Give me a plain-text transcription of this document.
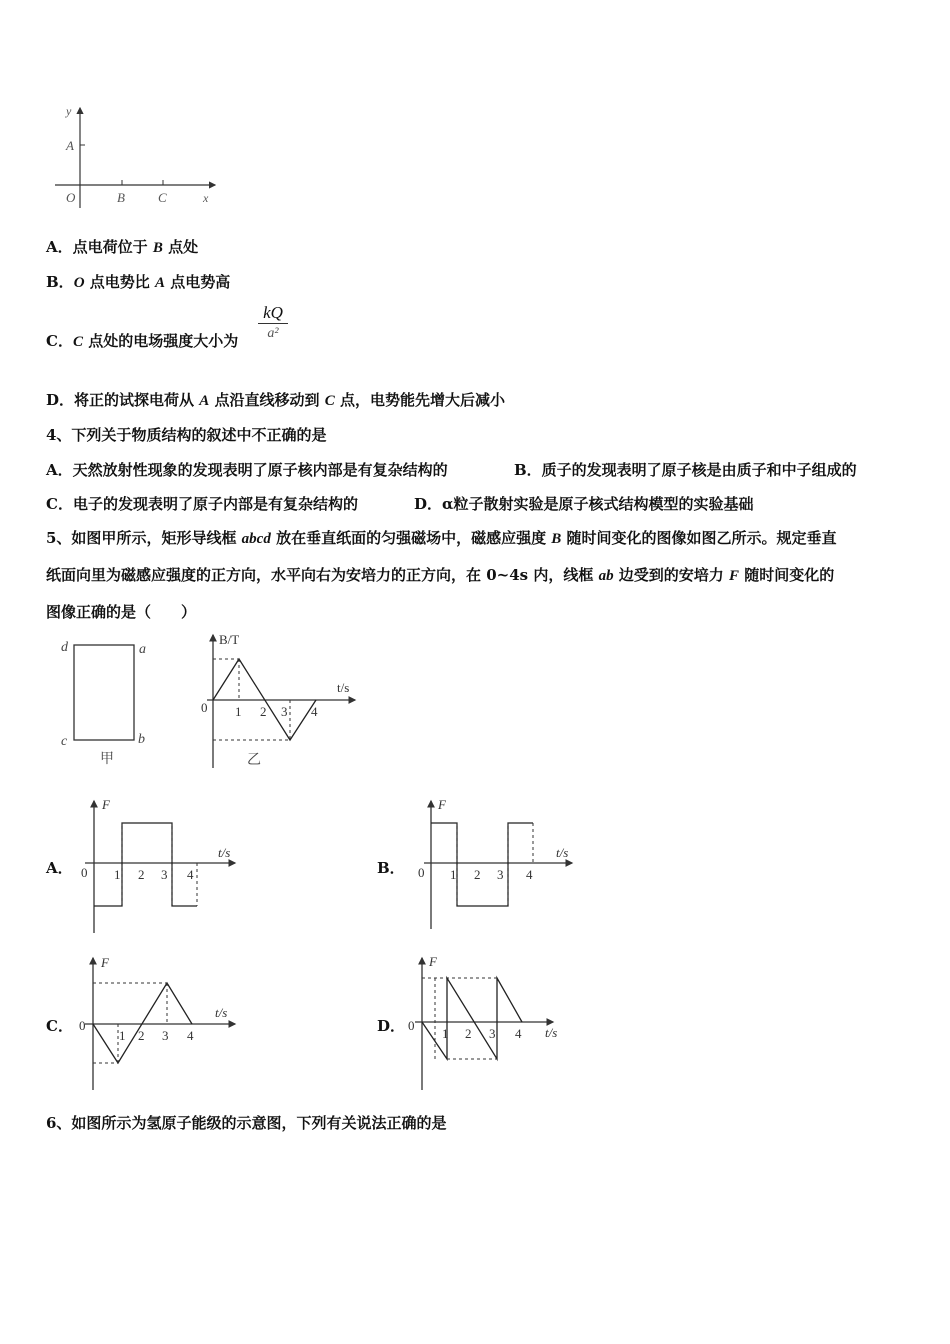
y
A
O	B	C	x
A．点电荷位于 B 点处
B．O 点电势比 A 点电势高
C．C 点处的电场强度大小为
kQ
a²
D．将正的试探电荷从 A 点沿直线移动到 C 点，电势能先增大后减小
4、下列关于物质结构的叙述中不正确的是
A．天然放射性现象的发现表明了原子核内部是有复杂结构的	B．质子的发现表明了原子核是由质子和中子组成的
C．电子的发现表明了原子内部是有复杂结构的	D．α粒子散射实验是原子核式结构模型的实验基础
5、如图甲所示，矩形导线框 abcd 放在垂直纸面的匀强磁场中，磁感应强度 B 随时间变化的图像如图乙所示。规定垂直
纸面向里为磁感应强度的正方向，水平向右为安培力的正方向，在 0~4s 内，线框 ab 边受到的安培力 F 随时间变化的
图像正确的是（　　）
d	a
c	b
甲
B/T
t/s
0 1 2 3 4
乙
A．
F
t/s
0 1 2 3 4	B．
F
t/s
0 1 2 3 4
C．
F
t/s
0
1 2 3 4
D．
F
t/s
0
1 2 3 4
6、如图所示为氢原子能级的示意图，下列有关说法正确的是
